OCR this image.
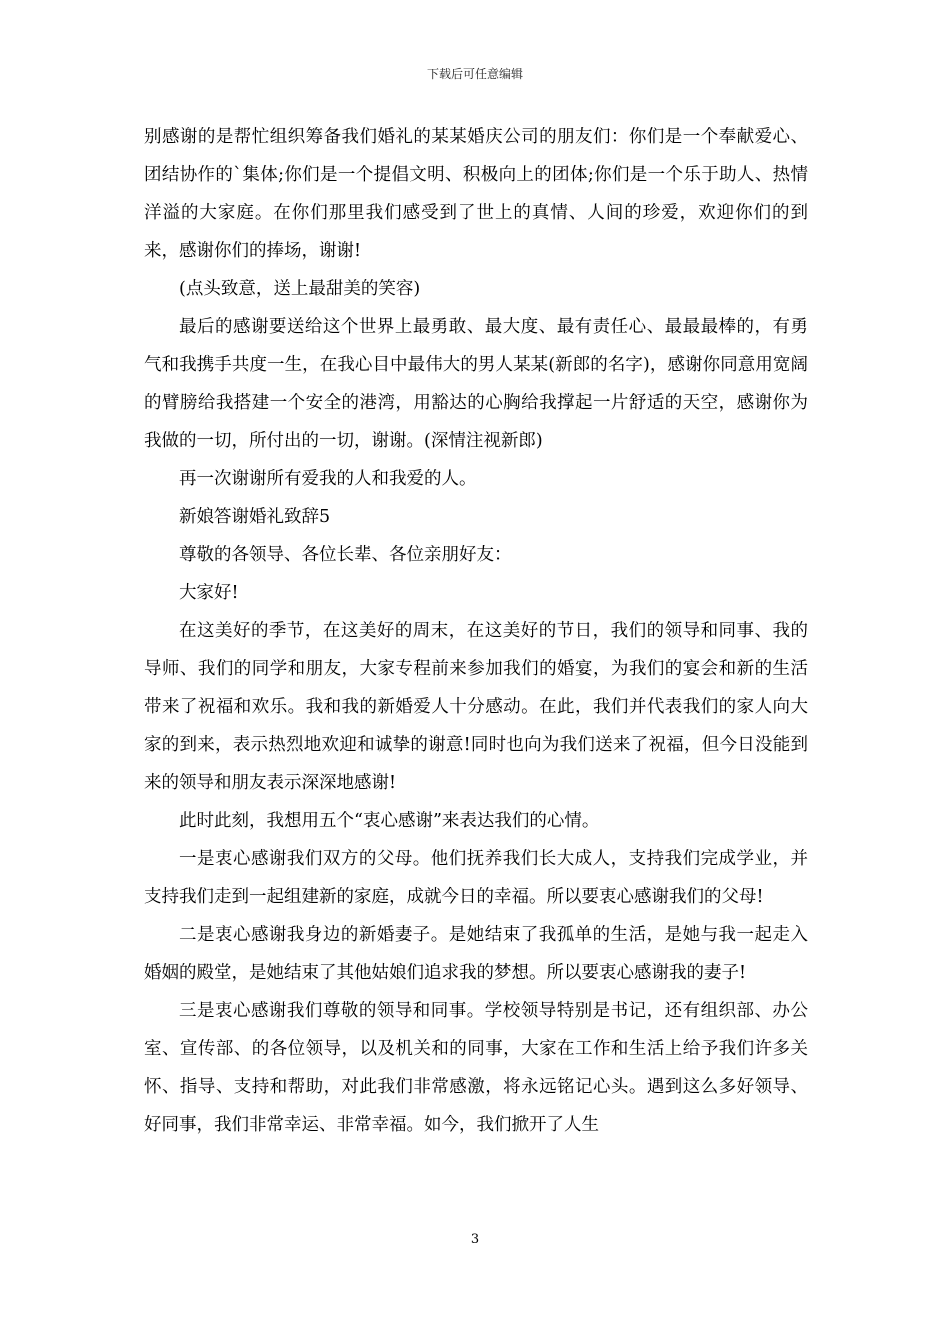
下载后可任意编辑

别感谢的是帮忙组织筹备我们婚礼的某某婚庆公司的朋友们：你们是一个奉献爱心、团结协作的`集体;你们是一个提倡文明、积极向上的团体;你们是一个乐于助人、热情洋溢的大家庭。在你们那里我们感受到了世上的真情、人间的珍爱，欢迎你们的到来，感谢你们的捧场，谢谢!

(点头致意，送上最甜美的笑容)

最后的感谢要送给这个世界上最勇敢、最大度、最有责任心、最最最棒的，有勇气和我携手共度一生，在我心目中最伟大的男人某某(新郎的名字)，感谢你同意用宽阔的臂膀给我搭建一个安全的港湾，用豁达的心胸给我撑起一片舒适的天空，感谢你为我做的一切，所付出的一切，谢谢。(深情注视新郎)

再一次谢谢所有爱我的人和我爱的人。

新娘答谢婚礼致辞5

尊敬的各领导、各位长辈、各位亲朋好友：

大家好!

在这美好的季节，在这美好的周末，在这美好的节日，我们的领导和同事、我的导师、我们的同学和朋友，大家专程前来参加我们的婚宴，为我们的宴会和新的生活带来了祝福和欢乐。我和我的新婚爱人十分感动。在此，我们并代表我们的家人向大家的到来，表示热烈地欢迎和诚挚的谢意!同时也向为我们送来了祝福，但今日没能到来的领导和朋友表示深深地感谢!

此时此刻，我想用五个“衷心感谢”来表达我们的心情。

一是衷心感谢我们双方的父母。他们抚养我们长大成人，支持我们完成学业，并支持我们走到一起组建新的家庭，成就今日的幸福。所以要衷心感谢我们的父母!

二是衷心感谢我身边的新婚妻子。是她结束了我孤单的生活，是她与我一起走入婚姻的殿堂，是她结束了其他姑娘们追求我的梦想。所以要衷心感谢我的妻子!

三是衷心感谢我们尊敬的领导和同事。学校领导特别是书记，还有组织部、办公室、宣传部、的各位领导，以及机关和的同事，大家在工作和生活上给予我们许多关怀、指导、支持和帮助，对此我们非常感激，将永远铭记心头。遇到这么多好领导、好同事，我们非常幸运、非常幸福。如今，我们掀开了人生

3
